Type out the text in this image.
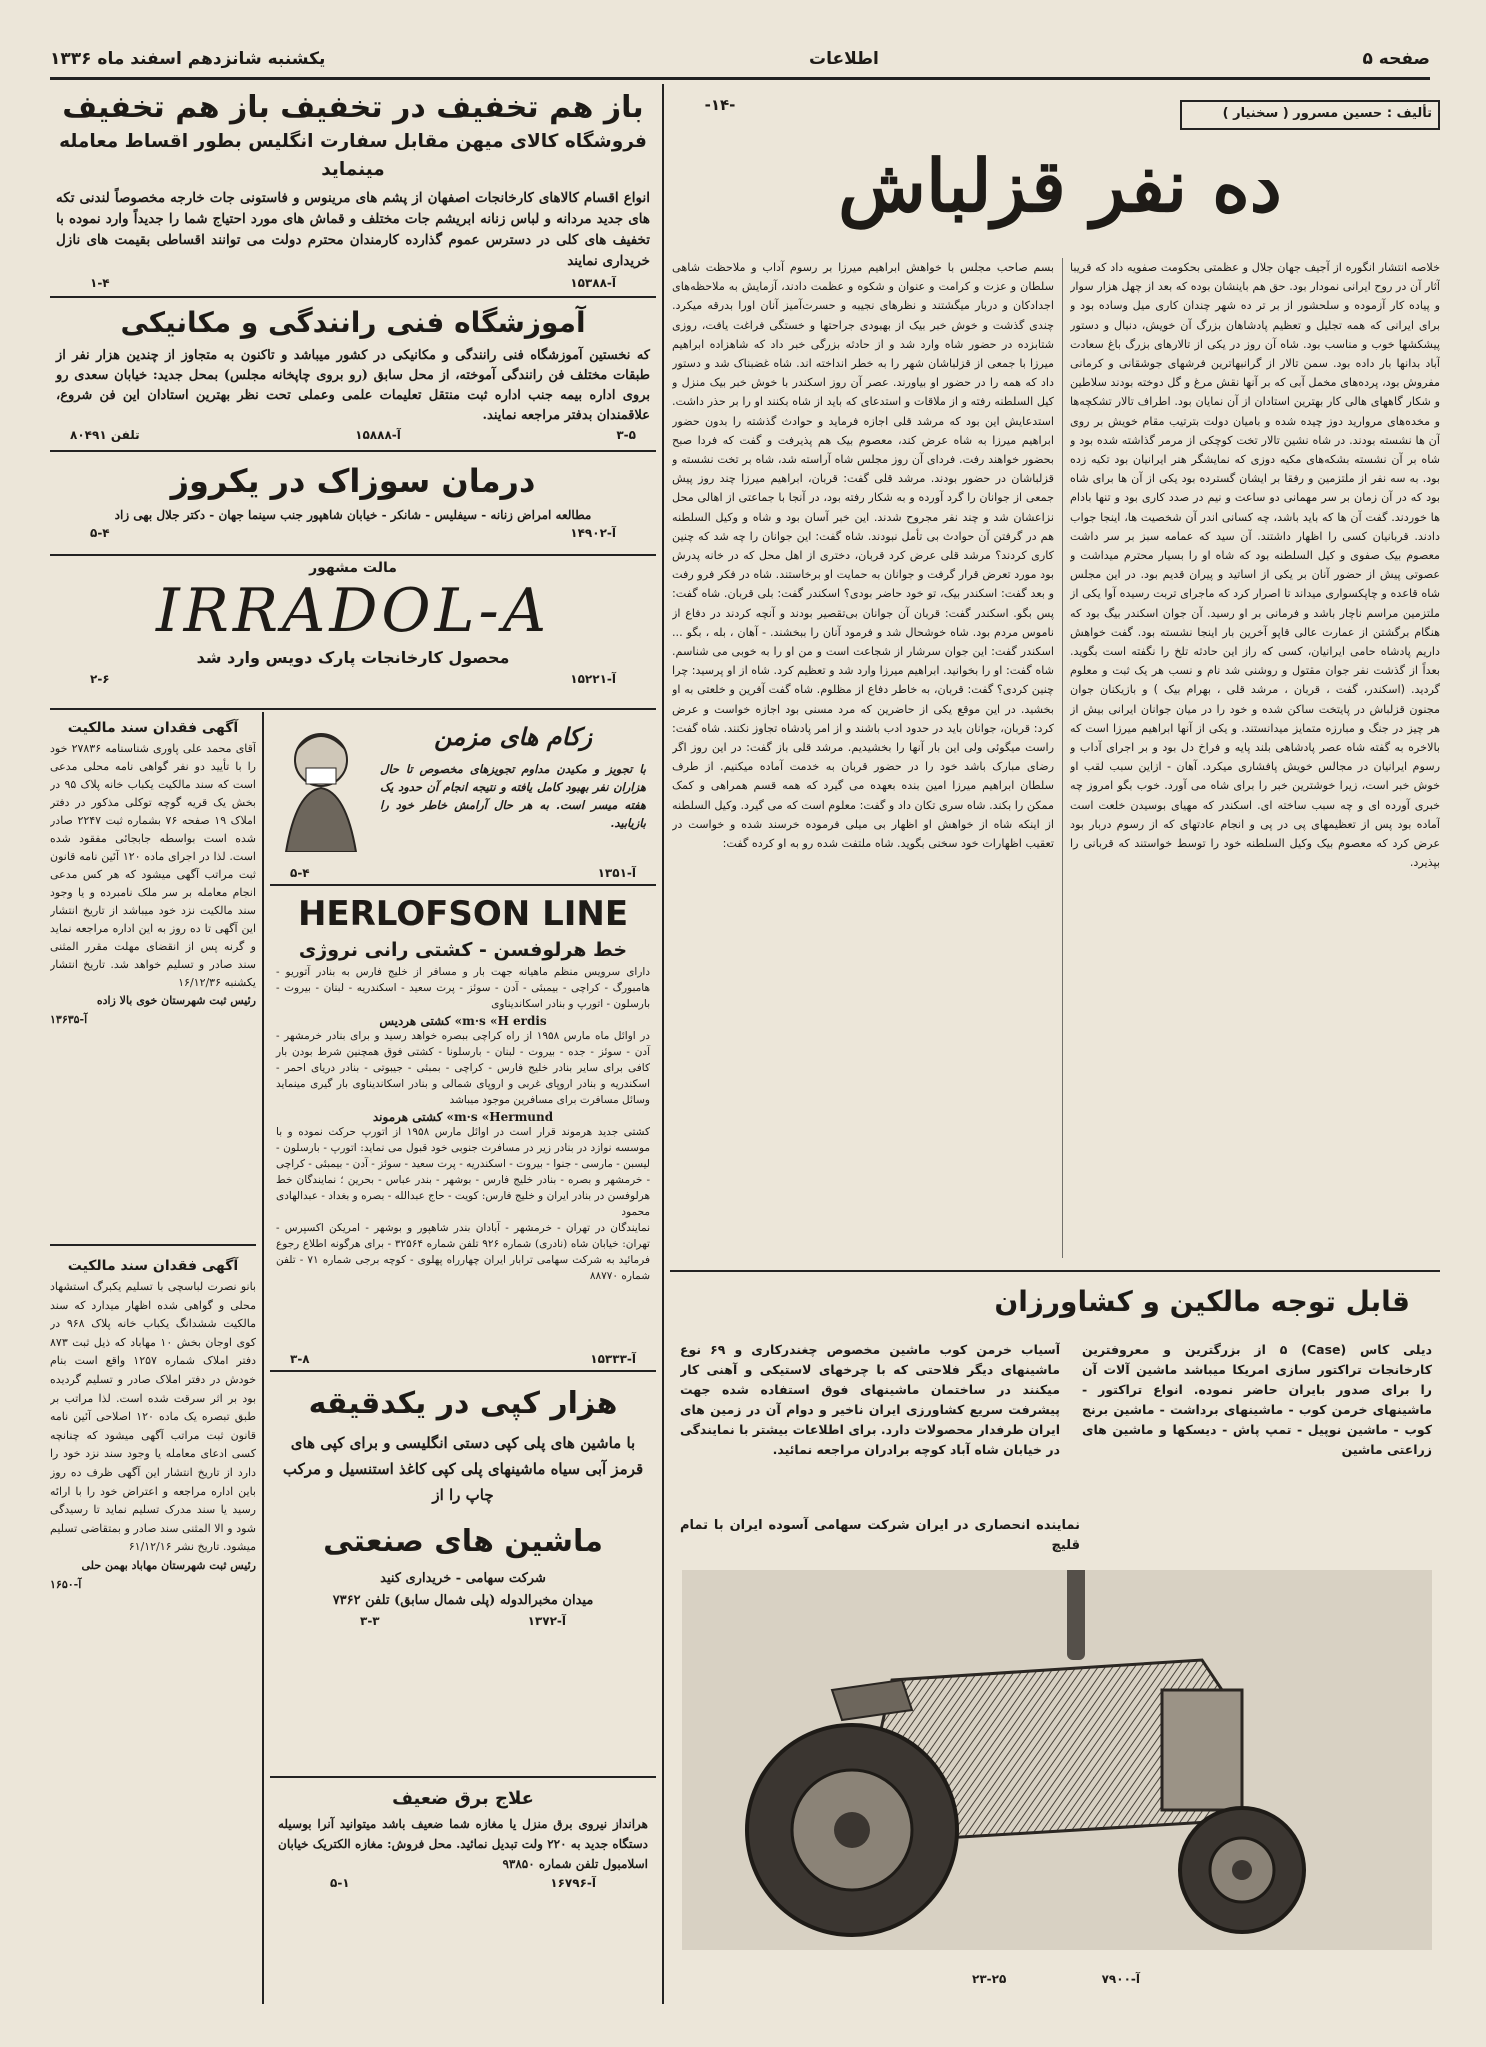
صفحه ۵
اطلاعات
یکشنبه شانزدهم اسفند ماه ۱۳۳۶
تألیف : حسین مسرور ( سخنیار )
-۱۴-
ده نفر قزلباش
خلاصه انتشار انگوره از آجیف جهان جلال و عظمتی بحکومت صفویه داد که قریبا آثار آن در روح ایرانی نمودار بود. حق هم باینشان بوده که بعد از چهل هزار سوار و پیاده کار آزموده و سلحشور از بر تر ده شهر چندان کاری میل وساده بود و برای ایرانی که همه تجلیل و تعظیم پادشاهان بزرگ آن خویش، دنبال و دستور پیشکشها خوب و مناسب بود. شاه آن روز در یکی از تالارهای بزرگ باغ سعادت آباد بدانها بار داده بود. سمن تالار از گرانبهاترین فرشهای جوشقانی و کرمانی مفروش بود، پرده‌های مخمل آبی که بر آنها نقش مرغ و گل دوخته بودند سلاطین و شکار گاههای هالی کار بهترین استادان از آن نمایان بود. اطراف تالار تشکچه‌ها و مخده‌های مروارید دوز چیده شده و بامیان دولت بترتیب مقام خویش بر روی آن ها نشسته بودند. در شاه نشین تالار تخت کوچکی از مرمر گذاشته شده بود و شاه بر آن نشسته بشکه‌های مکیه دوزی که نمایشگر هنر ایرانیان بود تکیه زده بود. به سه نفر از ملتزمین و رفقا بر ایشان گسترده بود یکی از آن ها برای شاه بود که در آن زمان بر سر مهمانی دو ساعت و نیم در صدد کاری بود و تنها بادام ها خوردند. گفت آن ها که باید باشد، چه کسانی اندر آن شخصیت ها، اینجا جواب دادند. قربانیان کسی را اظهار داشتند. آن سید که عمامه سبز بر سر داشت معصوم بیک صفوی و کیل السلطنه بود که شاه او را بسیار محترم میداشت و عصوتی پیش از حضور آنان بر یکی از اساتید و پیران قدیم بود. در این مجلس شاه قاعده و چاپکسواری میداند تا اصرار کرد که ماجرای تربت رسیده آوا یکی از ملتزمین مراسم ناچار باشد و فرمانی بر او رسید. آن جوان اسکندر بیگ بود که هنگام برگشتن از عمارت عالی قاپو آخرین بار اینجا نشسته بود. گفت خواهش داریم پادشاه حامی ایرانیان، کسی که راز این حادثه تلخ را نگفته است بگوید. بعداً از گذشت نفر جوان مقتول و روشنی شد نام و نسب هر یک ثبت و معلوم گردید. (اسکندر، گفت ، قربان ، مرشد قلی ، بهرام بیک ) و بازیکنان جوان مجنون قزلباش در پایتخت ساکن شده و خود را در میان جوانان ایرانی بیش از هر چیز در جنگ و مبارزه متمایز میدانستند. و یکی از آنها ابراهیم میرزا است که بالاخره به گفته شاه عصر پادشاهی بلند پایه و فراخ دل بود و بر اجرای آداب و رسوم ایرانیان در مجالس خویش پافشاری میکرد. آهان - ازاین سبب لقب او خوش خبر است، زیرا خوشترین خبر را برای شاه می آورد. خوب بگو امروز چه خبری آورده ای و چه سبب ساخته ای. اسکندر که مهیای بوسیدن خلعت است آماده بود پس از تعظیمهای پی در پی و انجام عادتهای که از رسوم دربار بود عرض کرد که معصوم بیک وکیل السلطنه خود را توسط خواستند که قربانی را بپذیرد.
بسم صاحب مجلس با خواهش ابراهیم میرزا بر رسوم آداب و ملاحظت شاهی سلطان و عزت و کرامت و عنوان و شکوه و عظمت دادند، آزمایش به ملاحظه‌های اجدادکان و دربار میگشتند و نظرهای نجیبه و حسرت‌آمیز آنان اورا بدرقه میکرد. چندی گذشت و خوش خبر بیک از بهبودی جراحتها و خستگی فراغت یافت، روزی شتابزده در حضور شاه وارد شد و از حادثه بزرگی خبر داد که شاهزاده ابراهیم میرزا با جمعی از قزلباشان شهر را به خطر انداخته اند. شاه غضبناک شد و دستور داد که همه را در حضور او بیاورند. عصر آن روز اسکندر با خوش خبر بیک منزل و کیل السلطنه رفته و از ملاقات و استدعای که باید از شاه بکنند او را بر حذر داشت. استدعایش این بود که مرشد قلی اجازه فرماید و حوادث گذشته را بدون حضور ابراهیم میرزا به شاه عرض کند، معصوم بیک هم پذیرفت و گفت که فردا صبح بحضور خواهند رفت. فردای آن روز مجلس شاه آراسته شد، شاه بر تخت نشسته و قزلباشان در حضور بودند. مرشد قلی گفت: قربان، ابراهیم میرزا چند روز پیش جمعی از جوانان را گرد آورده و به شکار رفته بود، در آنجا با جماعتی از اهالی محل نزاعشان شد و چند نفر مجروح شدند. این خبر آسان بود و شاه و وکیل السلطنه هم در گرفتن آن حوادث بی تأمل نبودند. شاه گفت: این جوانان را چه شد که چنین کاری کردند؟ مرشد قلی عرض کرد قربان، دختری از اهل محل که در خانه پدرش بود مورد تعرض قرار گرفت و جوانان به حمایت او برخاستند. شاه در فکر فرو رفت و بعد گفت: اسکندر بیک، تو خود حاضر بودی؟ اسکندر گفت: بلی قربان. شاه گفت: پس بگو. اسکندر گفت: قربان آن جوانان بی‌تقصیر بودند و آنچه کردند در دفاع از ناموس مردم بود. شاه خوشحال شد و فرمود آنان را ببخشند. - آهان ، بله ، بگو ... اسکندر گفت: این جوان سرشار از شجاعت است و من او را به خوبی می شناسم. شاه گفت: او را بخوانید. ابراهیم میرزا وارد شد و تعظیم کرد. شاه از او پرسید: چرا چنین کردی؟ گفت: قربان، به خاطر دفاع از مظلوم. شاه گفت آفرین و خلعتی به او بخشید. در این موقع یکی از حاضرین که مرد مسنی بود اجازه خواست و عرض کرد: قربان، جوانان باید در حدود ادب باشند و از امر پادشاه تجاوز نکنند. شاه گفت: راست میگوئی ولی این بار آنها را بخشیدیم. مرشد قلی باز گفت: در این روز اگر رضای مبارک باشد خود را در حضور قربان به خدمت آماده میکنیم. از طرف سلطان ابراهیم میرزا امین بنده بعهده می گیرد که همه قسم همراهی و کمک ممکن را بکند. شاه سری تکان داد و گفت: معلوم است که می گیرد. وکیل السلطنه از اینکه شاه از خواهش او اظهار بی میلی فرموده خرسند شده و خواست در تعقیب اظهارات خود سخنی بگوید. شاه ملتفت شده رو به او کرده گفت:
قابل توجه مالکین و کشاورزان
دیلی کاس (Case) ۵ از بزرگترین و معروفترین کارخانجات تراکتور سازی امریکا میباشد ماشین آلات آن را برای صدور بایران حاضر نموده. انواع تراکتور - ماشینهای خرمن کوب - ماشینهای برداشت - ماشین برنج کوب - ماشین نوپیل - تمپ پاش - دیسکها و ماشین های زراعتی ماشین
آسیاب خرمن کوب ماشین مخصوص چغندرکاری و ۶۹ نوع ماشینهای دیگر فلاحتی که با چرخهای لاستیکی و آهنی کار میکنند در ساختمان ماشینهای فوق استفاده شده جهت پیشرفت سریع کشاورزی ایران ناخیر و دوام آن در زمین های ایران طرفدار محصولات دارد. برای اطلاعات بیشتر با نمایندگی در خیابان شاه آباد کوچه برادران مراجعه نمائید.
نماینده انحصاری در ایران شرکت سهامی آسوده ایران با تمام قلیچ
آ-۷۹۰۰
۲۳-۲۵
باز هم تخفیف در تخفیف باز هم تخفیف
فروشگاه کالای میهن مقابل سفارت انگلیس بطور اقساط معامله مینماید
انواع اقسام کالاهای کارخانجات اصفهان از پشم های مرینوس و فاستونی جات خارجه مخصوصاً لندنی تکه های جدید مردانه و لباس زنانه ابریشم جات مختلف و قماش های مورد احتیاج شما را جدیداً وارد نموده با تخفیف های کلی در دسترس عموم گذارده کارمندان محترم دولت می توانند اقساطی بقیمت های نازل خریداری نمایند
آ-۱۵۳۸۸
۱-۴
آموزشگاه فنی رانندگی و مکانیکی
که نخستین آموزشگاه فنی رانندگی و مکانیکی در کشور میباشد و تاکنون به متجاوز از چندین هزار نفر از طبقات مختلف فن رانندگی آموخته، از محل سابق (رو بروی چاپخانه مجلس) بمحل جدید: خیابان سعدی رو بروی اداره بیمه جنب اداره ثبت منتقل تعلیمات علمی وعملی تحت نظر بهترین استادان این فن شروع، علاقمندان بدفتر مراجعه نمایند.
۳-۵
آ-۱۵۸۸۸
تلفن ۸۰۴۹۱
درمان سوزاک در یکروز
مطالعه امراض زنانه - سیفلیس - شانکر - خیابان شاهپور جنب سینما جهان - دکتر جلال بهی زاد
آ-۱۴۹۰۲
۵-۴
مالت مشهور
IRRADOL-A
محصول کارخانجات پارک دویس وارد شد
آ-۱۵۲۲۱
۲-۶
آگهی فقدان سند مالکیت
آقای محمد علی پاوری شناسنامه ۲۷۸۳۶ خود را با تأیید دو نفر گواهی نامه محلی مدعی است که سند مالکیت یکباب خانه پلاک ۹۵ در بخش یک قریه گوچه توکلی مذکور در دفتر املاک ۱۹ صفحه ۷۶ بشماره ثبت ۲۲۴۷ صادر شده است بواسطه جابجائی مفقود شده است. لذا در اجرای ماده ۱۲۰ آئین نامه قانون ثبت مراتب آگهی میشود که هر کس مدعی انجام معامله بر سر ملک نامبرده و یا وجود سند مالکیت نزد خود میباشد از تاریخ انتشار این آگهی تا ده روز به این اداره مراجعه نماید و گرنه پس از انقضای مهلت مقرر المثنی سند صادر و تسلیم خواهد شد. تاریخ انتشار یکشنبه ۱۶/۱۲/۳۶
رئیس ثبت شهرستان خوی بالا زاده
آ-۱۳۶۳۵
آگهی فقدان سند مالکیت
بانو نصرت لباسچی با تسلیم یکبرگ استشهاد محلی و گواهی شده اظهار میدارد که سند مالکیت ششدانگ یکباب خانه پلاک ۹۶۸ در کوی اوجان بخش ۱۰ مهاباد که ذیل ثبت ۸۷۳ دفتر املاک شماره ۱۲۵۷ واقع است بنام خودش در دفتر املاک صادر و تسلیم گردیده بود بر اثر سرقت شده است. لذا مراتب بر طبق تبصره یک ماده ۱۲۰ اصلاحی آئین نامه قانون ثبت مراتب آگهی میشود که چنانچه کسی ادعای معامله یا وجود سند نزد خود را دارد از تاریخ انتشار این آگهی ظرف ده روز باین اداره مراجعه و اعتراض خود را با ارائه رسید یا سند مدرک تسلیم نماید تا رسیدگی شود و الا المثنی سند صادر و بمتقاضی تسلیم میشود. تاریخ نشر ۶۱/۱۲/۱۶
رئیس ثبت شهرستان مهاباد بهمن حلی
آ-۱۶۵۰
زکام های مزمن
با تجویز و مکیدن مداوم تجویزهای مخصوص تا حال هزاران نفر بهبود کامل یافته و نتیجه انجام آن حدود یک هفته میسر است. به هر حال آرامش خاطر خود را بازیابید.
آ-۱۳۵۱
۵-۴
HERLOFSON LINE
خط هرلوفسن - کشتی رانی نروژی
دارای سرویس منظم ماهیانه جهت بار و مسافر از خلیج فارس به بنادر آتوریو - هامبورگ - کراچی - بیمبئی - آدن - سوئز - پرت سعید - اسکندریه - لبنان - بیروت - بارسلون - اتورپ و بنادر اسکاندیناوی
m·s «H erdis» کشتی هردیس
در اوائل ماه مارس ۱۹۵۸ از راه کراچی ببصره خواهد رسید و برای بنادر خرمشهر - آدن - سوئز - جده - بیروت - لبنان - بارسلونا - کشتی فوق همچنین شرط بودن بار کافی برای سایر بنادر خلیج فارس - کراچی - بمبئی - جیبوتی - بنادر دریای احمر - اسکندریه و بنادر اروپای غربی و اروپای شمالی و بنادر اسکاندیناوی بار گیری مینماید وسائل مسافرت برای مسافرین موجود میباشد
m·s «Hermund» کشتی هرموند
کشتی جدید هرموند قرار است در اوائل مارس ۱۹۵۸ از اتورپ حرکت نموده و با موسسه نوازد در بنادر زیر در مسافرت جنوبی خود قبول می نماید: اتورپ - بارسلون - لیسبن - مارسی - جنوا - بیروت - اسکندریه - پرت سعید - سوئز - آدن - بیمبئی - کراچی - خرمشهر و بصره - بنادر خلیج فارس - بوشهر - بندر عباس - بحرین ؛ نمایندگان خط هرلوفسن در بنادر ایران و خلیج فارس: کویت - حاج عبدالله - بصره و بغداد - عبدالهادی محمود
نمایندگان در تهران - خرمشهر - آبادان بندر شاهپور و بوشهر - امریکن اکسپرس - تهران: خیابان شاه (نادری) شماره ۹۲۶ تلفن شماره ۳۲۵۶۴ - برای هرگونه اطلاع رجوع فرمائید به شرکت سهامی ترابار ایران چهارراه پهلوی - کوچه برجی شماره ۷۱ - تلفن شماره ۸۸۷۷۰
آ-۱۵۳۳۳
۳-۸
هزار کپی در یکدقیقه
با ماشین های پلی کپی دستی انگلیسی و برای کپی های قرمز آبی سیاه ماشینهای پلی کپی کاغذ استنسیل و مرکب چاپ را از
ماشین های صنعتی
شرکت سهامی - خریداری کنید
میدان مخبرالدوله (پلی شمال سابق) تلفن ۷۳۶۲
آ-۱۳۷۲
۳-۳
علاج برق ضعیف
هرانداز نیروی برق منزل یا مغازه شما ضعیف باشد میتوانید آنرا بوسیله دستگاه جدید به ۲۲۰ ولت تبدیل نمائید. محل فروش: مغازه الکتریک خیابان اسلامبول تلفن شماره ۹۳۸۵۰
آ-۱۶۷۹۶
۵-۱
